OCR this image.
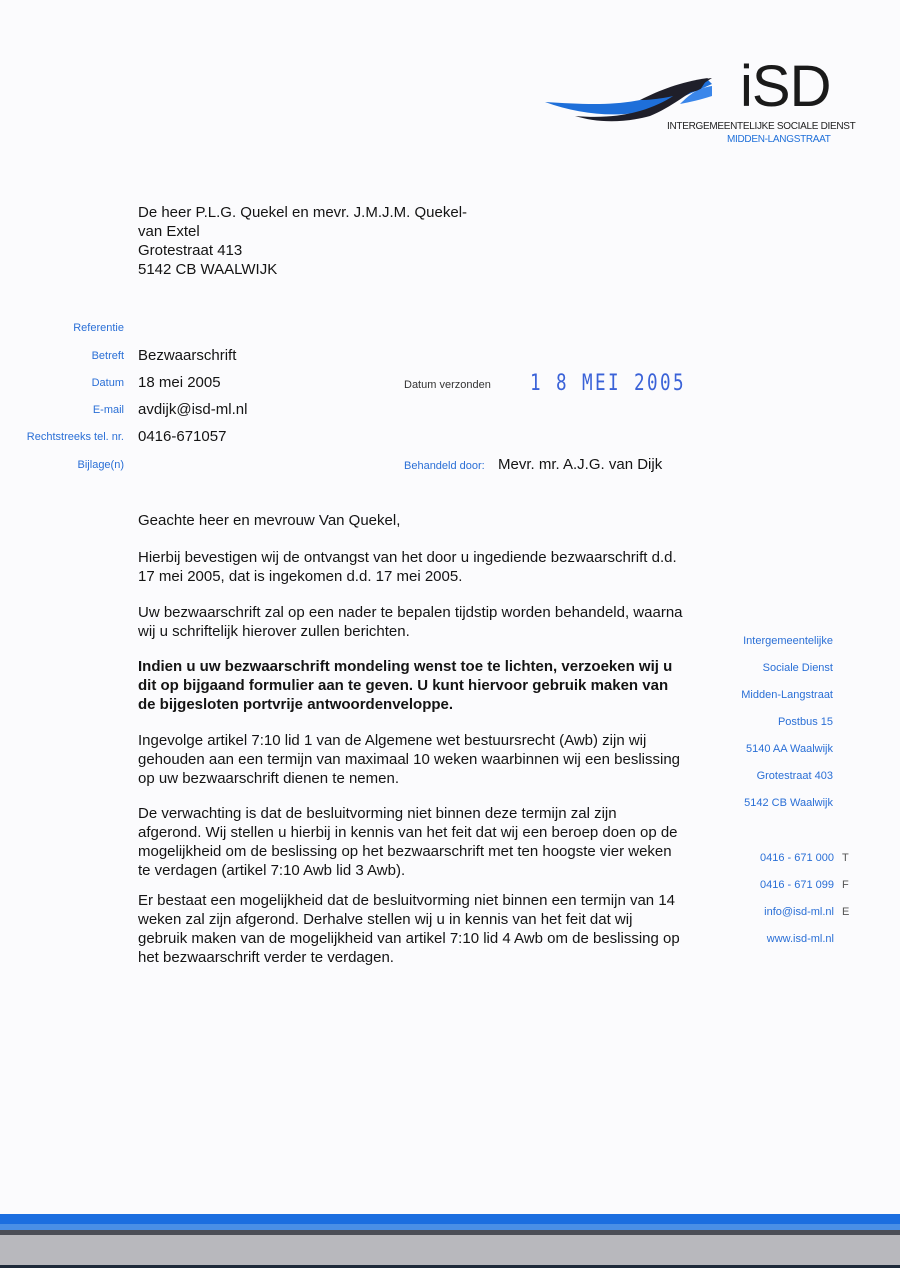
iSD
INTERGEMEENTELIJKE SOCIALE DIENST
MIDDEN-LANGSTRAAT
De heer P.L.G. Quekel en mevr. J.M.J.M. Quekel-
van Extel
Grotestraat 413
5142 CB WAALWIJK
Referentie
Betreft Bezwaarschrift
Datum 18 mei 2005
E-mail avdijk@isd-ml.nl
Rechtstreeks tel. nr. 0416-671057
Bijlage(n)
Datum verzonden 1 8 MEI 2005
Behandeld door: Mevr. mr. A.J.G. van Dijk
Geachte heer en mevrouw Van Quekel,
Hierbij bevestigen wij de ontvangst van het door u ingediende bezwaarschrift d.d. 17 mei 2005, dat is ingekomen d.d. 17 mei 2005.
Uw bezwaarschrift zal op een nader te bepalen tijdstip worden behandeld, waarna wij u schriftelijk hierover zullen berichten.
Indien u uw bezwaarschrift mondeling wenst toe te lichten, verzoeken wij u dit op bijgaand formulier aan te geven. U kunt hiervoor gebruik maken van de bijgesloten portvrije antwoordenveloppe.
Ingevolge artikel 7:10 lid 1 van de Algemene wet bestuursrecht (Awb) zijn wij gehouden aan een termijn van maximaal 10 weken waarbinnen wij een beslissing op uw bezwaarschrift dienen te nemen.
De verwachting is dat de besluitvorming niet binnen deze termijn zal zijn afgerond. Wij stellen u hierbij in kennis van het feit dat wij een beroep doen op de mogelijkheid om de beslissing op het bezwaarschrift met ten hoogste vier weken te verdagen (artikel 7:10 Awb lid 3 Awb).
Er bestaat een mogelijkheid dat de besluitvorming niet binnen een termijn van 14 weken zal zijn afgerond. Derhalve stellen wij u in kennis van het feit dat wij gebruik maken van de mogelijkheid van artikel 7:10 lid 4 Awb om de beslissing op het bezwaarschrift verder te verdagen.
Intergemeentelijke
Sociale Dienst
Midden-Langstraat
Postbus 15
5140 AA Waalwijk
Grotestraat 403
5142 CB Waalwijk
0416 - 671 000 T
0416 - 671 099 F
info@isd-ml.nl E
www.isd-ml.nl
